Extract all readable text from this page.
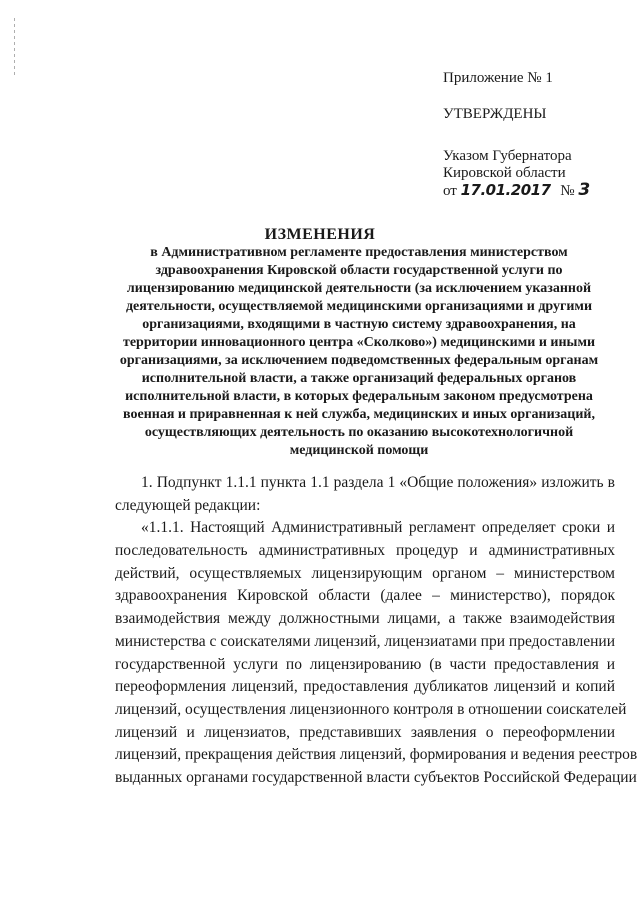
Приложение № 1
УТВЕРЖДЕНЫ
Указом Губернатора
Кировской области
от 17.01.2017 № 3
ИЗМЕНЕНИЯ
в Административном регламенте предоставления министерством
здравоохранения Кировской области государственной услуги по
лицензированию медицинской деятельности (за исключением указанной
деятельности, осуществляемой медицинскими организациями и другими
организациями, входящими в частную систему здравоохранения, на
территории инновационного центра «Сколково») медицинскими и иными
организациями, за исключением подведомственных федеральным органам
исполнительной власти, а также организаций федеральных органов
исполнительной власти, в которых федеральным законом предусмотрена
военная и приравненная к ней служба, медицинских и иных организаций,
осуществляющих деятельность по оказанию высокотехнологичной
медицинской помощи
1. Подпункт 1.1.1 пункта 1.1 раздела 1 «Общие положения» изложить в
следующей редакции:
«1.1.1. Настоящий Административный регламент определяет сроки и
последовательность административных процедур и административных
действий, осуществляемых лицензирующим органом – министерством
здравоохранения Кировской области (далее – министерство), порядок
взаимодействия между должностными лицами, а также взаимодействия
министерства с соискателями лицензий, лицензиатами при предоставлении
государственной услуги по лицензированию (в части предоставления и
переоформления лицензий, предоставления дубликатов лицензий и копий
лицензий, осуществления лицензионного контроля в отношении соискателей
лицензий и лицензиатов, представивших заявления о переоформлении
лицензий, прекращения действия лицензий, формирования и ведения реестров
выданных органами государственной власти субъектов Российской Федерации
